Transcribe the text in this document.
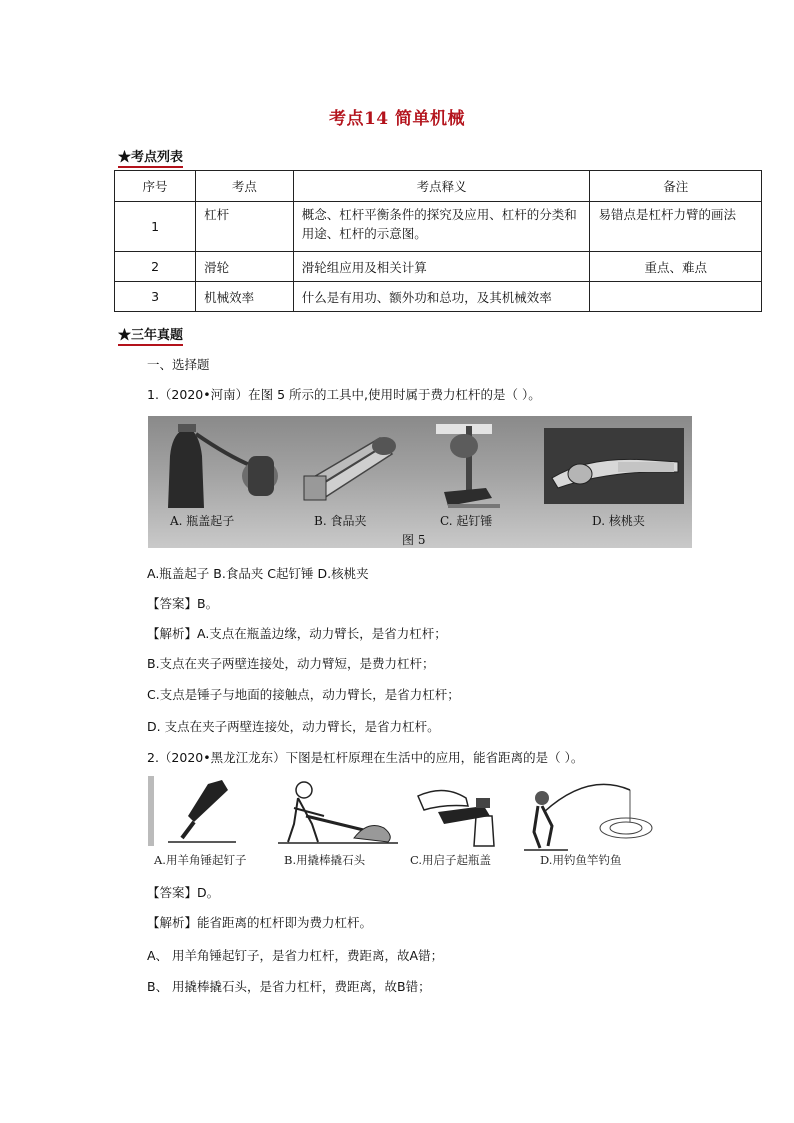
考点14 简单机械
★考点列表
序号	考点	考点释义	备注
1	杠杆	概念、杠杆平衡条件的探究及应用、杠杆的分类和用途、杠杆的示意图。	易错点是杠杆力臂的画法
2	滑轮	滑轮组应用及相关计算	重点、难点
3	机械效率	什么是有用功、额外功和总功，及其机械效率	
★三年真题
一、选择题
1.（2020•河南）在图 5 所示的工具中,使用时属于费力杠杆的是（ ）。
A. 瓶盖起子	B. 食品夹	C. 起钉锤	D. 核桃夹
图 5
A.瓶盖起子 B.食品夹 C起钉锤 D.核桃夹
【答案】B。
【解析】A.支点在瓶盖边缘，动力臂长，是省力杠杆；
B.支点在夹子两壁连接处，动力臂短，是费力杠杆；
C.支点是锤子与地面的接触点，动力臂长，是省力杠杆；
D. 支点在夹子两壁连接处，动力臂长，是省力杠杆。
2.（2020•黑龙江龙东）下图是杠杆原理在生活中的应用，能省距离的是（ ）。
A.用羊角锤起钉子	B.用撬棒撬石头	C.用启子起瓶盖	D.用钓鱼竿钓鱼
【答案】D。
【解析】能省距离的杠杆即为费力杠杆。
A、 用羊角锤起钉子，是省力杠杆，费距离，故A错；
B、 用撬棒撬石头，是省力杠杆，费距离，故B错；
